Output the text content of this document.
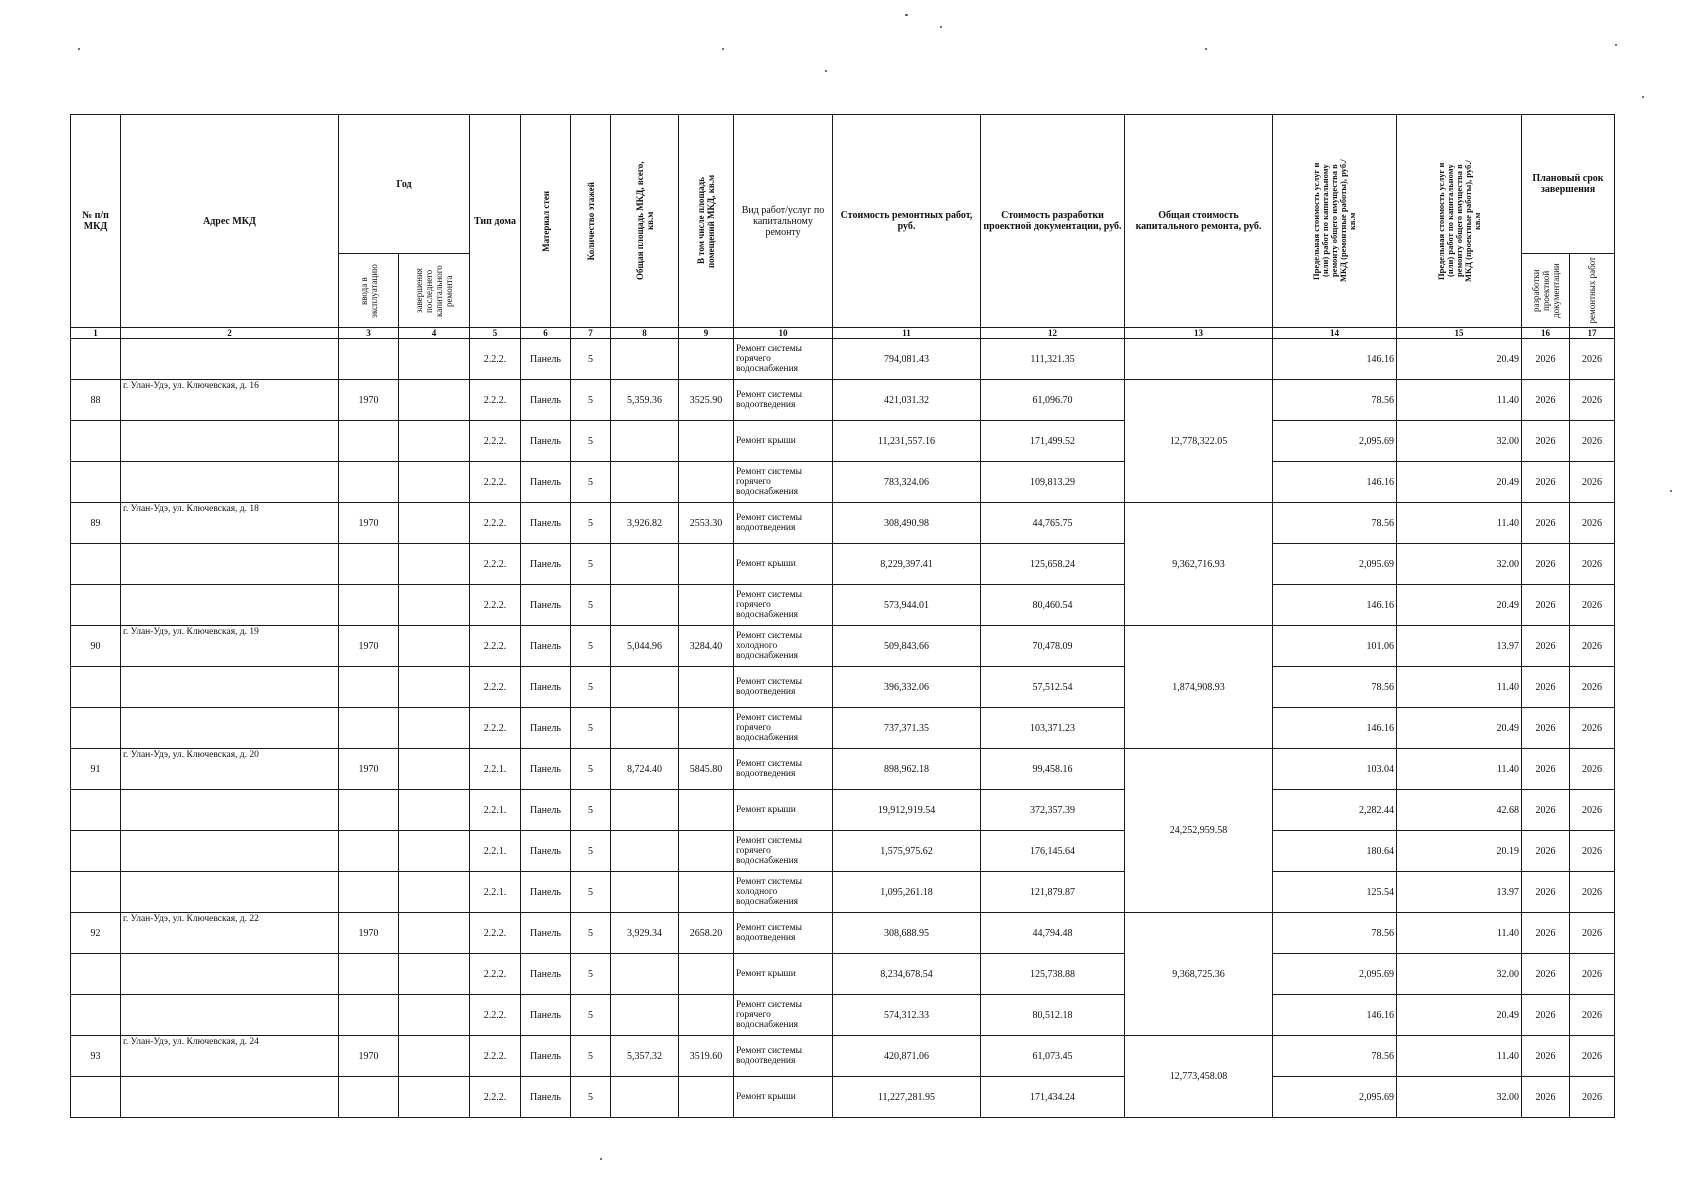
№ п/п МКД	Адрес МКД	Год		Тип дома	Материал стен	Количество этажей	Общая площадь МКД, всего, кв.м	В том числе площадь помещений МКД, кв.м	Вид работ/услуг по капитальному ремонту	Стоимость ремонтных работ, руб.	Стоимость разработки проектной документации, руб.	Общая стоимость капитального ремонта, руб.	Предельная стоимость услуг и (или) работ по капитальному ремонту общего имущества в МКД (ремонтные работы), руб./кв.м	Предельная стоимость услуг и (или) работ по капитальному ремонту общего имущества в МКД (проектные работы), руб./кв.м	Плановый срок завершения	

		ввода в эксплуатацию	завершения последнего капитального ремонта												разработки проектной документации	ремонтных работ

1	2	3	4	5	6	7	8	9	10	11	12	13	14	15	16	17
				2.2.2.	Панель	5			Ремонт системы горячего водоснабжения	794,081.43	111,321.35		146.16	20.49	2026	2026
88	г. Улан-Удэ, ул. Ключевская, д. 16	1970		2.2.2.	Панель	5	5,359.36	3525.90	Ремонт системы водоотведения	421,031.32	61,096.70	12,778,322.05	78.56	11.40	2026	2026
				2.2.2.	Панель	5			Ремонт крыши	11,231,557.16	171,499.52		2,095.69	32.00	2026	2026
				2.2.2.	Панель	5			Ремонт системы горячего водоснабжения	783,324.06	109,813.29		146.16	20.49	2026	2026
89	г. Улан-Удэ, ул. Ключевская, д. 18	1970		2.2.2.	Панель	5	3,926.82	2553.30	Ремонт системы водоотведения	308,490.98	44,765.75	9,362,716.93	78.56	11.40	2026	2026
				2.2.2.	Панель	5			Ремонт крыши	8,229,397.41	125,658.24		2,095.69	32.00	2026	2026
				2.2.2.	Панель	5			Ремонт системы горячего водоснабжения	573,944.01	80,460.54		146.16	20.49	2026	2026
90	г. Улан-Удэ, ул. Ключевская, д. 19	1970		2.2.2.	Панель	5	5,044.96	3284.40	Ремонт системы холодного водоснабжения	509,843.66	70,478.09	1,874,908.93	101.06	13.97	2026	2026
				2.2.2.	Панель	5			Ремонт системы водоотведения	396,332.06	57,512.54		78.56	11.40	2026	2026
				2.2.2.	Панель	5			Ремонт системы горячего водоснабжения	737,371.35	103,371.23		146.16	20.49	2026	2026
91	г. Улан-Удэ, ул. Ключевская, д. 20	1970		2.2.1.	Панель	5	8,724.40	5845.80	Ремонт системы водоотведения	898,962.18	99,458.16	24,252,959.58	103.04	11.40	2026	2026
				2.2.1.	Панель	5			Ремонт крыши	19,912,919.54	372,357.39		2,282.44	42.68	2026	2026
				2.2.1.	Панель	5			Ремонт системы горячего водоснабжения	1,575,975.62	176,145.64		180.64	20.19	2026	2026
				2.2.1.	Панель	5			Ремонт системы холодного водоснабжения	1,095,261.18	121,879.87		125.54	13.97	2026	2026
92	г. Улан-Удэ, ул. Ключевская, д. 22	1970		2.2.2.	Панель	5	3,929.34	2658.20	Ремонт системы водоотведения	308,688.95	44,794.48	9,368,725.36	78.56	11.40	2026	2026
				2.2.2.	Панель	5			Ремонт крыши	8,234,678.54	125,738.88		2,095.69	32.00	2026	2026
				2.2.2.	Панель	5			Ремонт системы горячего водоснабжения	574,312.33	80,512.18		146.16	20.49	2026	2026
93	г. Улан-Удэ, ул. Ключевская, д. 24	1970		2.2.2.	Панель	5	5,357.32	3519.60	Ремонт системы водоотведения	420,871.06	61,073.45	12,773,458.08	78.56	11.40	2026	2026
				2.2.2.	Панель	5			Ремонт крыши	11,227,281.95	171,434.24		2,095.69	32.00	2026	2026
